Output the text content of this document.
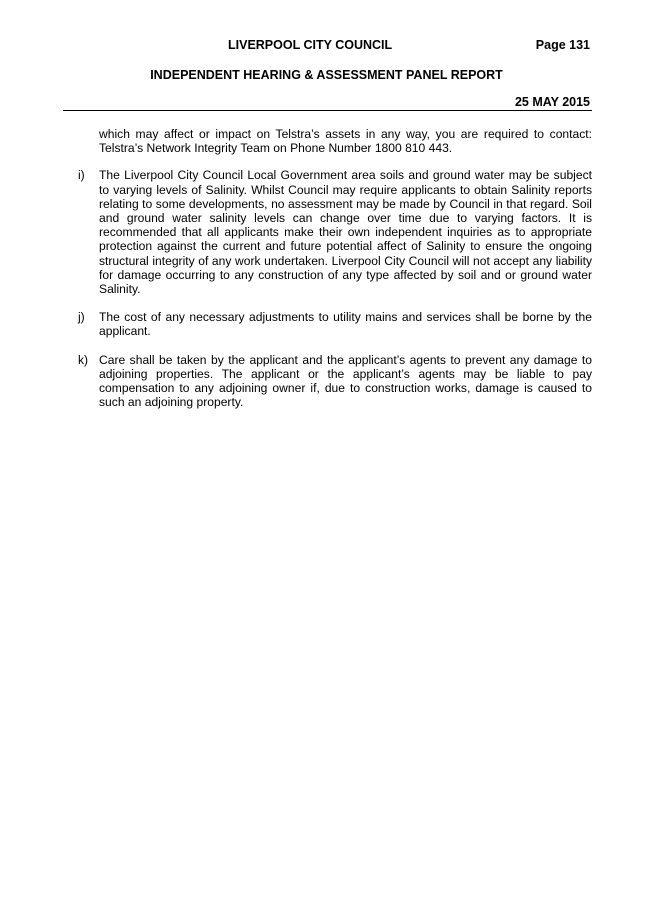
LIVERPOOL CITY COUNCIL	Page 131
INDEPENDENT HEARING & ASSESSMENT PANEL REPORT
25 MAY 2015

which may affect or impact on Telstra’s assets in any way, you are required to contact: Telstra’s Network Integrity Team on Phone Number 1800 810 443.

i)	The Liverpool City Council Local Government area soils and ground water may be subject to varying levels of Salinity. Whilst Council may require applicants to obtain Salinity reports relating to some developments, no assessment may be made by Council in that regard. Soil and ground water salinity levels can change over time due to varying factors. It is recommended that all applicants make their own independent inquiries as to appropriate protection against the current and future potential affect of Salinity to ensure the ongoing structural integrity of any work undertaken. Liverpool City Council will not accept any liability for damage occurring to any construction of any type affected by soil and or ground water Salinity.

j)	The cost of any necessary adjustments to utility mains and services shall be borne by the applicant.

k) Care shall be taken by the applicant and the applicant’s agents to prevent any damage to adjoining properties. The applicant or the applicant’s agents may be liable to pay compensation to any adjoining owner if, due to construction works, damage is caused to such an adjoining property.
